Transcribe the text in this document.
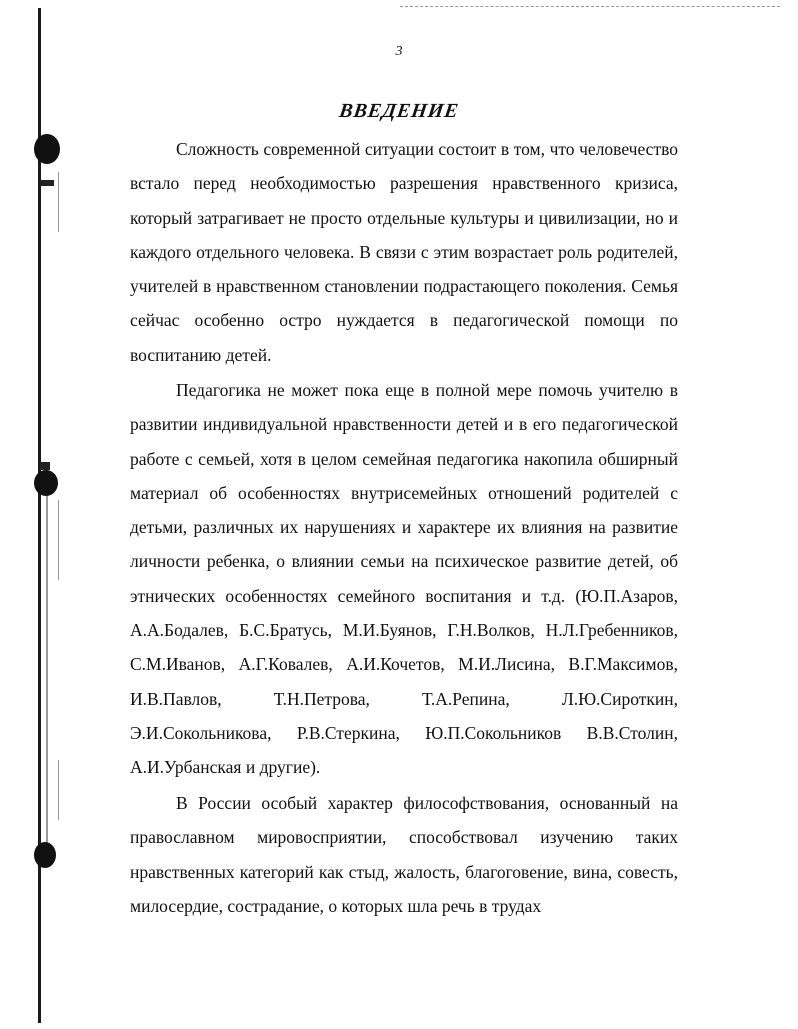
3
ВВЕДЕНИЕ
Сложность современной ситуации состоит в том, что человечество встало перед необходимостью разрешения нравственного кризиса, который затрагивает не просто отдельные культуры и цивилизации, но и каждого отдельного человека. В связи с этим возрастает роль родителей, учителей в нравственном становлении подрастающего поколения. Семья сейчас особенно остро нуждается в педагогической помощи по воспитанию детей.
Педагогика не может пока еще в полной мере помочь учителю в развитии индивидуальной нравственности детей и в его педагогической работе с семьей, хотя в целом семейная педагогика накопила обширный материал об особенностях внутрисемейных отношений родителей с детьми, различных их нарушениях и характере их влияния на развитие личности ребенка, о влиянии семьи на психическое развитие детей, об этнических особенностях семейного воспитания и т.д. (Ю.П.Азаров, А.А.Бодалев, Б.С.Братусь, М.И.Буянов, Г.Н.Волков, Н.Л.Гребенников, С.М.Иванов, А.Г.Ковалев, А.И.Кочетов, М.И.Лисина, В.Г.Максимов, И.В.Павлов, Т.Н.Петрова, Т.А.Репина, Л.Ю.Сироткин, Э.И.Сокольникова, Р.В.Стеркина, Ю.П.Сокольников В.В.Столин, А.И.Урбанская и другие).
В России особый характер философствования, основанный на православном мировосприятии, способствовал изучению таких нравственных категорий как стыд, жалость, благоговение, вина, совесть, милосердие, сострадание, о которых шла речь в трудах
